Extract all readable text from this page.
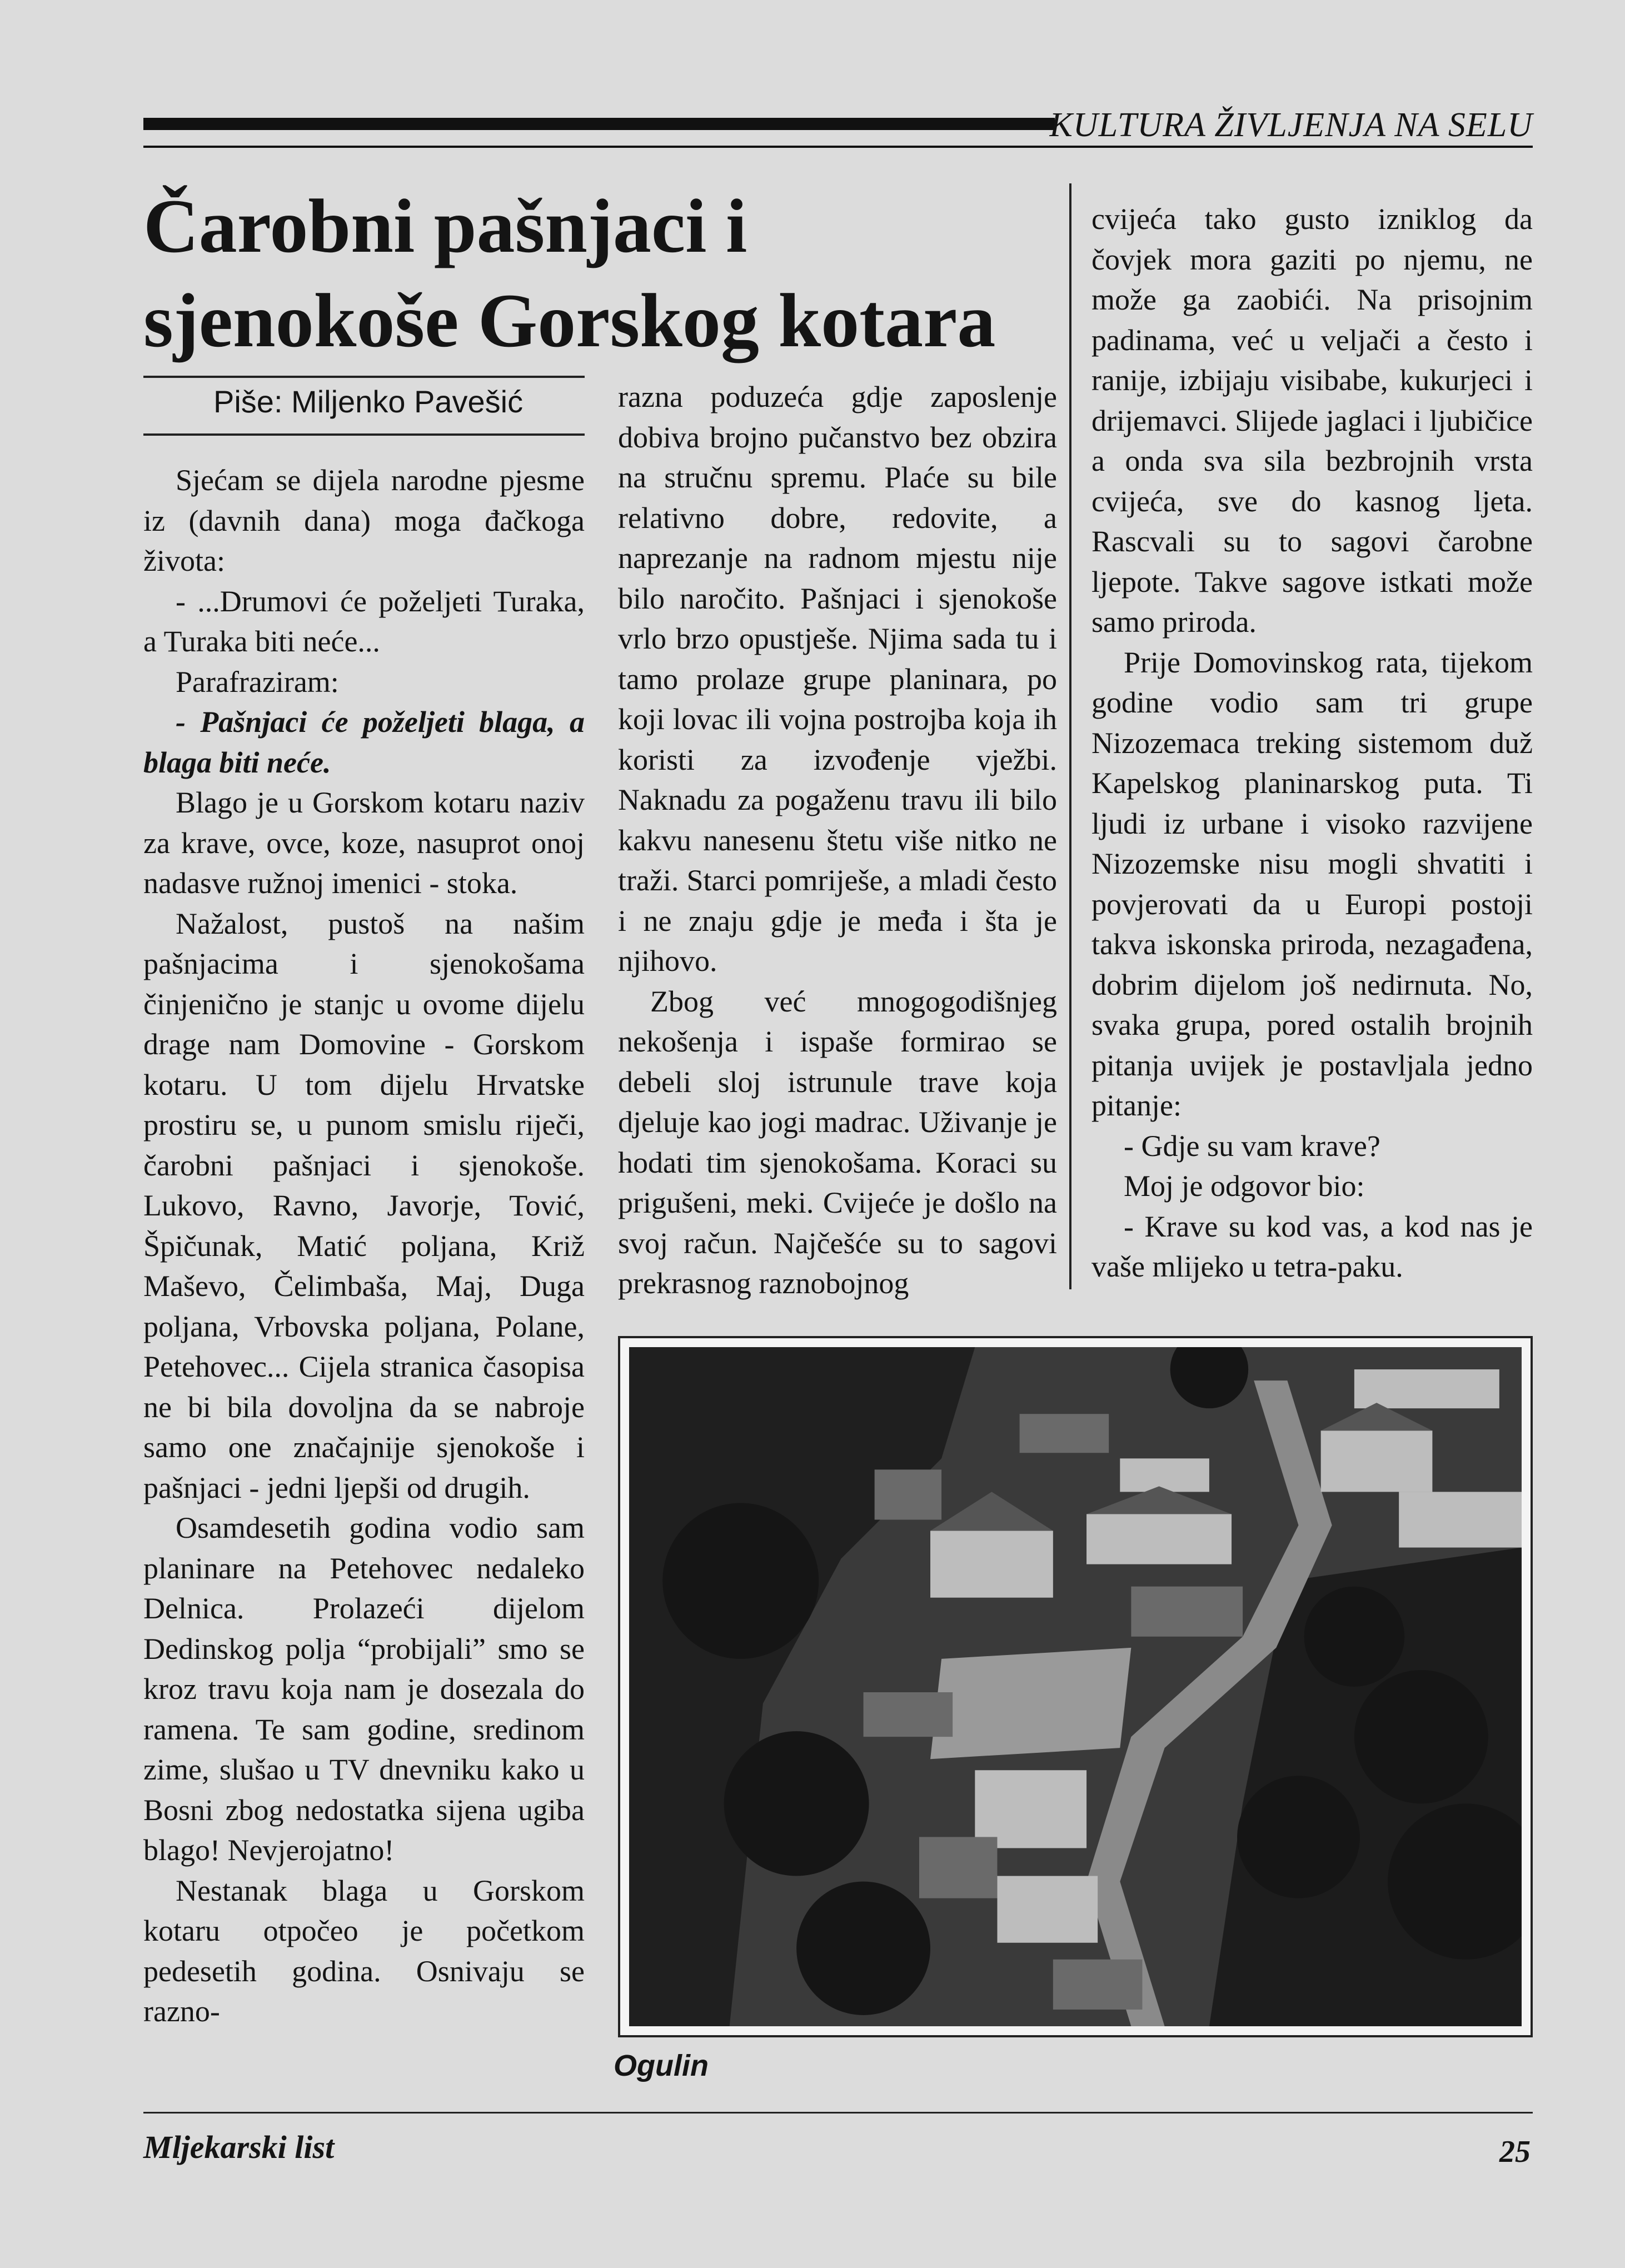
KULTURA ŽIVLJENJA NA SELU
Čarobni pašnjaci i sjenokoše Gorskog kotara
Piše: Miljenko Pavešić

Sjećam se dijela narodne pjesme iz (davnih dana) moga đačkoga života:

- ...Drumovi će poželjeti Turaka, a Turaka biti neće...

Parafraziram:

- Pašnjaci će poželjeti blaga, a blaga biti neće.

Blago je u Gorskom kotaru naziv za krave, ovce, koze, nasuprot onoj nadasve ružnoj imenici - stoka.

Nažalost, pustoš na našim pašnjacima i sjenokošama činjenično je stanjc u ovome dijelu drage nam Domovine - Gorskom kotaru. U tom dijelu Hrvatske prostiru se, u punom smislu riječi, čarobni pašnjaci i sjenokoše. Lukovo, Ravno, Javorje, Tović, Špičunak, Matić poljana, Križ Maševo, Čelimbaša, Maj, Duga poljana, Vrbovska poljana, Polane, Petehovec... Cijela stranica časopisa ne bi bila dovoljna da se nabroje samo one značajnije sjenokoše i pašnjaci - jedni ljepši od drugih.

Osamdesetih godina vodio sam planinare na Petehovec nedaleko Delnica. Prolazeći dijelom Dedinskog polja “probijali” smo se kroz travu koja nam je dosezala do ramena. Te sam godine, sredinom zime, slušao u TV dnevniku kako u Bosni zbog nedostatka sijena ugiba blago! Nevjerojatno!

Nestanak blaga u Gorskom kotaru otpočeo je početkom pedesetih godina. Osnivaju se razno-

razna poduzeća gdje zaposlenje dobiva brojno pučanstvo bez obzira na stručnu spremu. Plaće su bile relativno dobre, redovite, a naprezanje na radnom mjestu nije bilo naročito. Pašnjaci i sjenokoše vrlo brzo opustješe. Njima sada tu i tamo prolaze grupe planinara, po koji lovac ili vojna postrojba koja ih koristi za izvođenje vježbi. Naknadu za pogaženu travu ili bilo kakvu nanesenu štetu više nitko ne traži. Starci pomriješe, a mladi često i ne znaju gdje je međa i šta je njihovo.

Zbog već mnogogodišnjeg nekošenja i ispaše formirao se debeli sloj istrunule trave koja djeluje kao jogi madrac. Uživanje je hodati tim sjenokošama. Koraci su prigušeni, meki. Cvijeće je došlo na svoj račun. Najčešće su to sagovi prekrasnog raznobojnog

cvijeća tako gusto izniklog da čovjek mora gaziti po njemu, ne može ga zaobići. Na prisojnim padinama, već u veljači a često i ranije, izbijaju visibabe, kukurjeci i drijemavci. Slijede jaglaci i ljubičice a onda sva sila bezbrojnih vrsta cvijeća, sve do kasnog ljeta. Rascvali su to sagovi čarobne ljepote. Takve sagove istkati može samo priroda.

Prije Domovinskog rata, tijekom godine vodio sam tri grupe Nizozemaca treking sistemom duž Kapelskog planinarskog puta. Ti ljudi iz urbane i visoko razvijene Nizozemske nisu mogli shvatiti i povjerovati da u Europi postoji takva iskonska priroda, nezagađena, dobrim dijelom još nedirnuta. No, svaka grupa, pored ostalih brojnih pitanja uvijek je postavljala jedno pitanje:

- Gdje su vam krave?

Moj je odgovor bio:

- Krave su kod vas, a kod nas je vaše mlijeko u tetra-paku.

Ogulin
Mljekarski list	25
